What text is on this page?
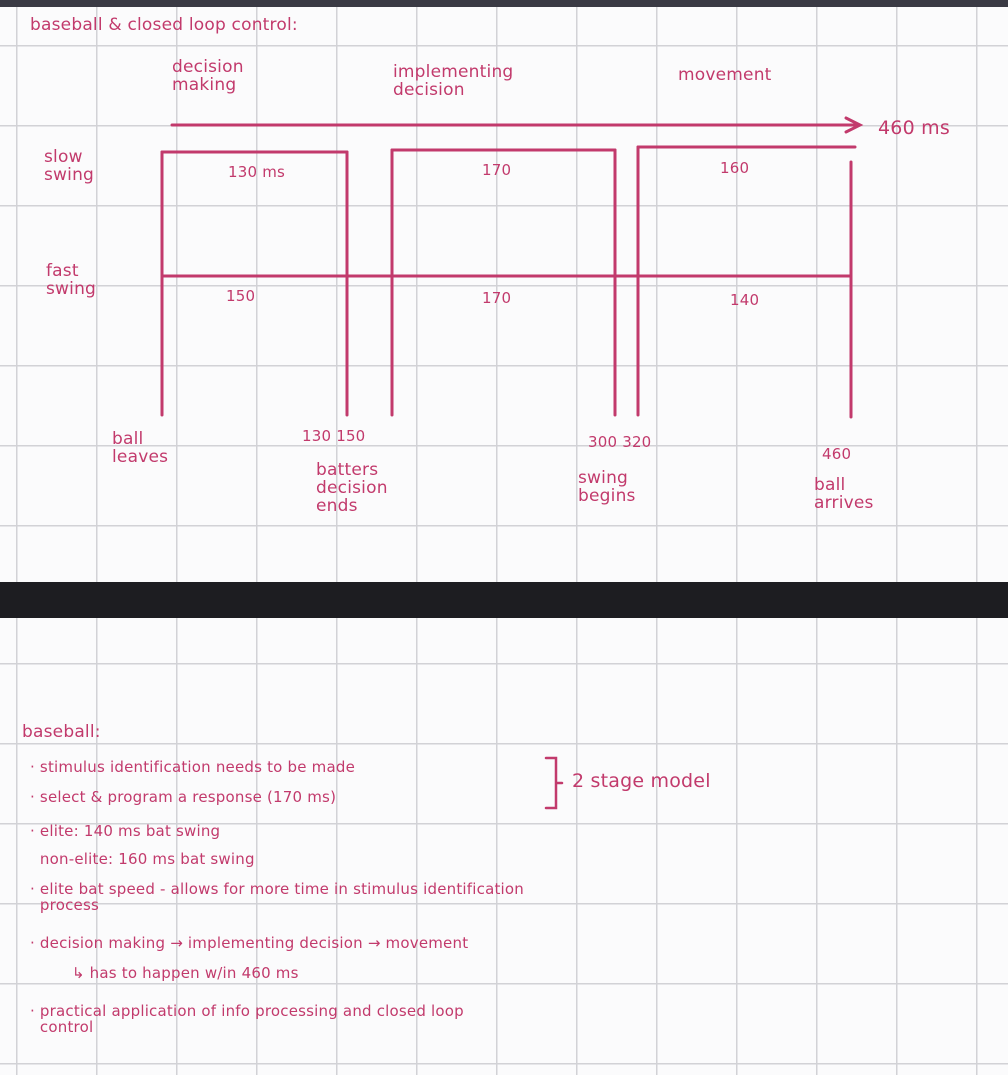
baseball & closed loop control:
decision
making
implementing
decision
movement
460 ms
slow
swing
fast
swing
130 ms	170	160
150	170	140
130 150	300 320
460
ball
leaves
batters
decision
ends
swing
begins
ball
arrives
baseball:
· stimulus identification needs to be made
· select & program a response (170 ms)
2 stage model
· elite: 140 ms bat swing
non-elite: 160 ms bat swing
· elite bat speed - allows for more time in stimulus identification
process
· decision making → implementing decision → movement
↳ has to happen w/in 460 ms
· practical application of info processing and closed loop
control
